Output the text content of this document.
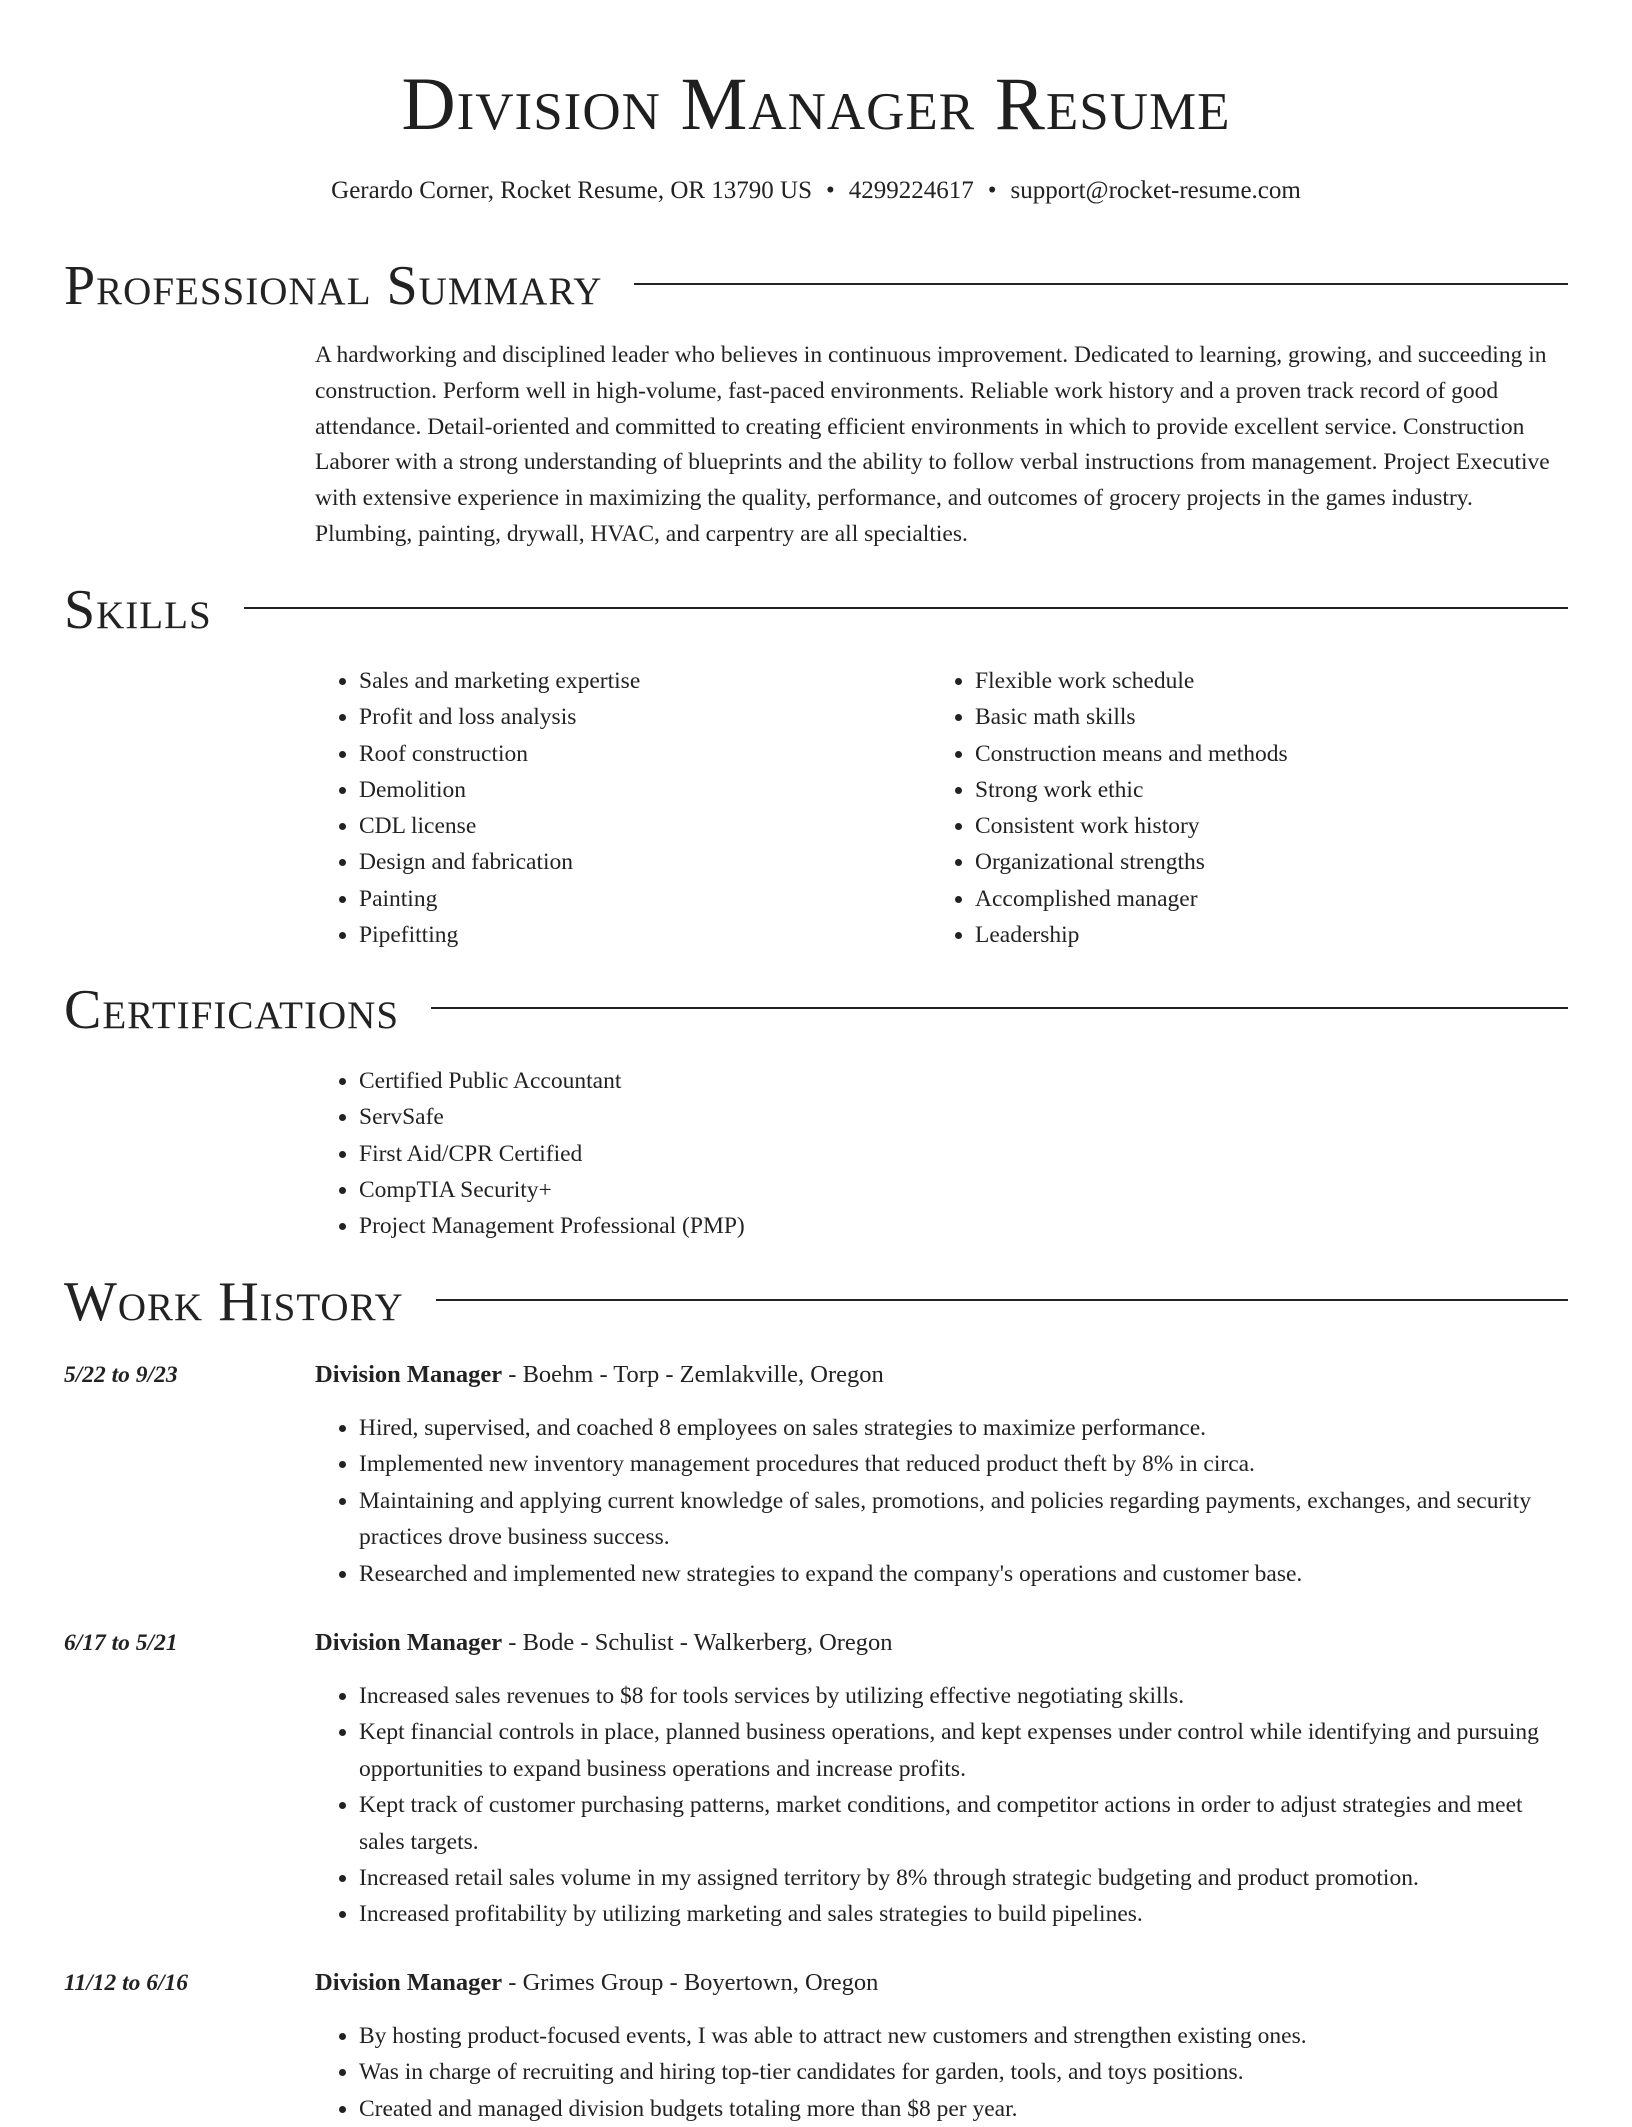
Division Manager Resume
Gerardo Corner, Rocket Resume, OR 13790 US • 4299224617 • support@rocket-resume.com
Professional Summary

A hardworking and disciplined leader who believes in continuous improvement. Dedicated to learning, growing, and succeeding in construction. Perform well in high-volume, fast-paced environments. Reliable work history and a proven track record of good attendance. Detail-oriented and committed to creating efficient environments in which to provide excellent service. Construction Laborer with a strong understanding of blueprints and the ability to follow verbal instructions from management. Project Executive with extensive experience in maximizing the quality, performance, and outcomes of grocery projects in the games industry. Plumbing, painting, drywall, HVAC, and carpentry are all specialties.

Skills
• Sales and marketing expertise
• Profit and loss analysis
• Roof construction
• Demolition
• CDL license
• Design and fabrication
• Painting
• Pipefitting
• Flexible work schedule
• Basic math skills
• Construction means and methods
• Strong work ethic
• Consistent work history
• Organizational strengths
• Accomplished manager
• Leadership
Certifications
• Certified Public Accountant
• ServSafe
• First Aid/CPR Certified
• CompTIA Security+
• Project Management Professional (PMP)
Work History
5/22 to 9/23	Division Manager - Boehm - Torp - Zemlakville, Oregon
• Hired, supervised, and coached 8 employees on sales strategies to maximize performance.
• Implemented new inventory management procedures that reduced product theft by 8% in circa.
• Maintaining and applying current knowledge of sales, promotions, and policies regarding payments, exchanges, and security practices drove business success.
• Researched and implemented new strategies to expand the company's operations and customer base.
6/17 to 5/21	Division Manager - Bode - Schulist - Walkerberg, Oregon
• Increased sales revenues to $8 for tools services by utilizing effective negotiating skills.
• Kept financial controls in place, planned business operations, and kept expenses under control while identifying and pursuing opportunities to expand business operations and increase profits.
• Kept track of customer purchasing patterns, market conditions, and competitor actions in order to adjust strategies and meet sales targets.
• Increased retail sales volume in my assigned territory by 8% through strategic budgeting and product promotion.
• Increased profitability by utilizing marketing and sales strategies to build pipelines.
11/12 to 6/16	Division Manager - Grimes Group - Boyertown, Oregon
• By hosting product-focused events, I was able to attract new customers and strengthen existing ones.
• Was in charge of recruiting and hiring top-tier candidates for garden, tools, and toys positions.
• Created and managed division budgets totaling more than $8 per year.
